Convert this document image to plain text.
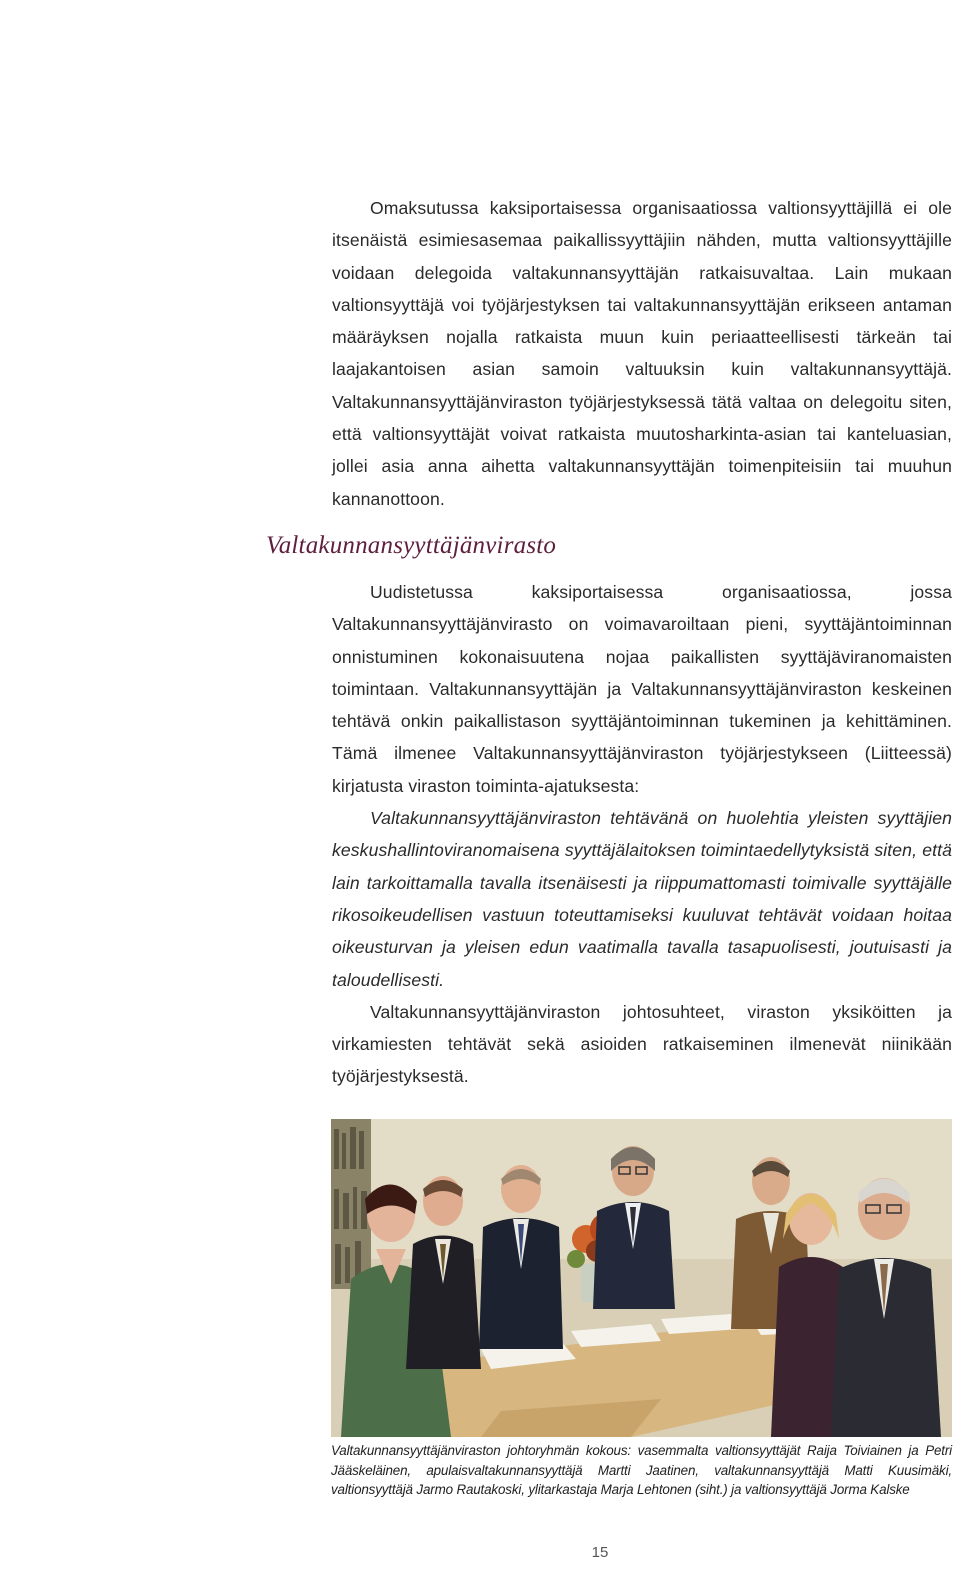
Omaksutussa kaksiportaisessa organisaatiossa valtionsyyttäjillä ei ole itsenäistä esimiesasemaa paikallissyyttäjiin nähden, mutta valtionsyyttäjille voidaan delegoida valtakunnansyyttäjän ratkaisuvaltaa. Lain mukaan valtionsyyttäjä voi työjärjestyksen tai valtakunnansyyttäjän erikseen antaman määräyksen nojalla ratkaista muun kuin periaatteellisesti tärkeän tai laajakantoisen asian samoin valtuuksin kuin valtakunnansyyttäjä. Valtakunnansyyttäjänviraston työjärjestyksessä tätä valtaa on delegoitu siten, että valtionsyyttäjät voivat ratkaista muutosharkinta-asian tai kanteluasian, jollei asia anna aihetta valtakunnansyyttäjän toimenpiteisiin tai muuhun kannanottoon.

Valtakunnansyyttäjänvirasto

Uudistetussa kaksiportaisessa organisaatiossa, jossa Valtakunnansyyttäjänvirasto on voimavaroiltaan pieni, syyttäjäntoiminnan onnistuminen kokonaisuutena nojaa paikallisten syyttäjäviranomaisten toimintaan. Valtakunnansyyttäjän ja Valtakunnansyyttäjänviraston keskeinen tehtävä onkin paikallistason syyttäjäntoiminnan tukeminen ja kehittäminen. Tämä ilmenee Valtakunnansyyttäjänviraston työjärjestykseen (Liitteessä) kirjatusta viraston toiminta-ajatuksesta:

Valtakunnansyyttäjänviraston tehtävänä on huolehtia yleisten syyttäjien keskushallintoviranomaisena syyttäjälaitoksen toimintaedellytyksistä siten, että lain tarkoittamalla tavalla itsenäisesti ja riippumattomasti toimivalle syyttäjälle rikosoikeudellisen vastuun toteuttamiseksi kuuluvat tehtävät voidaan hoitaa oikeusturvan ja yleisen edun vaatimalla tavalla tasapuolisesti, joutuisasti ja taloudellisesti.

Valtakunnansyyttäjänviraston johtosuhteet, viraston yksiköitten ja virkamiesten tehtävät sekä asioiden ratkaiseminen ilmenevät niinikään työjärjestyksestä.

Valtakunnansyyttäjänviraston johtoryhmän kokous: vasemmalta valtionsyyttäjät Raija Toiviainen ja Petri Jääskeläinen, apulaisvaltakunnansyyttäjä Martti Jaatinen, valtakunnansyyttäjä Matti Kuusimäki, valtionsyyttäjä Jarmo Rautakoski, ylitarkastaja Marja Lehtonen (siht.) ja valtionsyyttäjä Jorma Kalske

15
